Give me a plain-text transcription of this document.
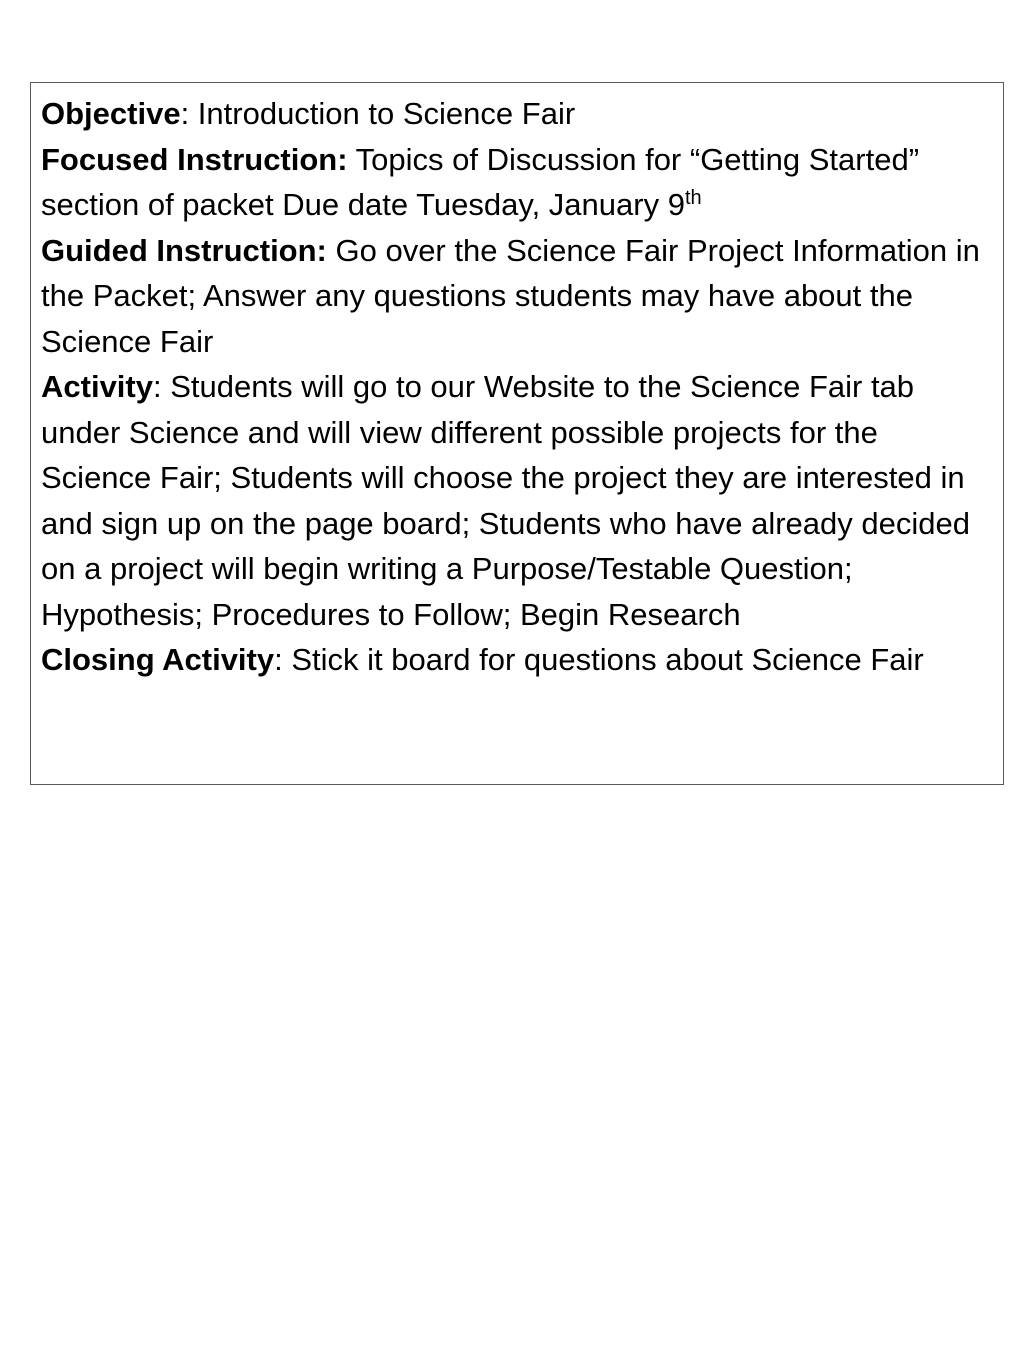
Objective: Introduction to Science Fair

Focused Instruction: Topics of Discussion for “Getting Started” section of packet Due date Tuesday, January 9th

Guided Instruction: Go over the Science Fair Project Information in the Packet; Answer any questions students may have about the Science Fair

Activity: Students will go to our Website to the Science Fair tab under Science and will view different possible projects for the Science Fair; Students will choose the project they are interested in and sign up on the page board; Students who have already decided on a project will begin writing a Purpose/Testable Question; Hypothesis; Procedures to Follow; Begin Research

Closing Activity: Stick it board for questions about Science Fair
